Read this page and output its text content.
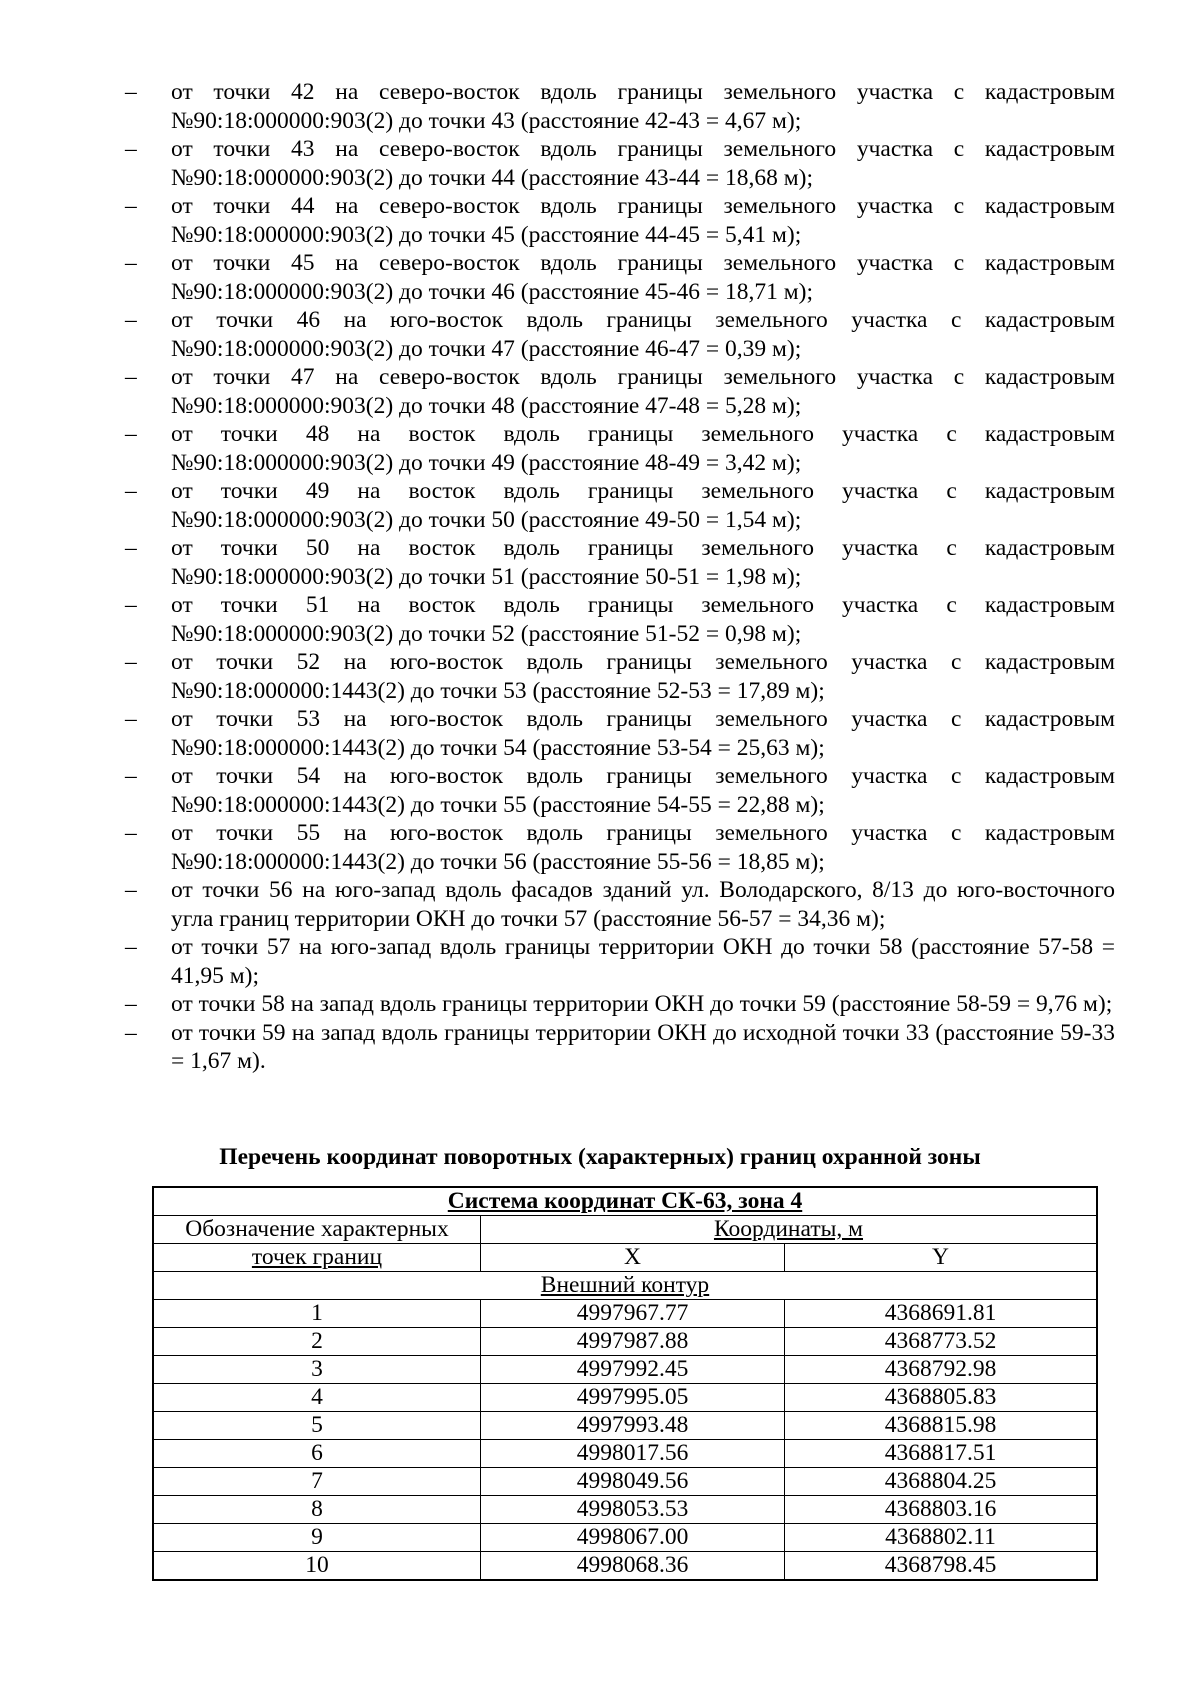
– от точки 42 на северо-восток вдоль границы земельного участка с кадастровым №90:18:000000:903(2) до точки 43 (расстояние 42-43 = 4,67 м);
– от точки 43 на северо-восток вдоль границы земельного участка с кадастровым №90:18:000000:903(2) до точки 44 (расстояние 43-44 = 18,68 м);
– от точки 44 на северо-восток вдоль границы земельного участка с кадастровым №90:18:000000:903(2) до точки 45 (расстояние 44-45 = 5,41 м);
– от точки 45 на северо-восток вдоль границы земельного участка с кадастровым №90:18:000000:903(2) до точки 46 (расстояние 45-46 = 18,71 м);
– от точки 46 на юго-восток вдоль границы земельного участка с кадастровым №90:18:000000:903(2) до точки 47 (расстояние 46-47 = 0,39 м);
– от точки 47 на северо-восток вдоль границы земельного участка с кадастровым №90:18:000000:903(2) до точки 48 (расстояние 47-48 = 5,28 м);
– от точки 48 на восток вдоль границы земельного участка с кадастровым №90:18:000000:903(2) до точки 49 (расстояние 48-49 = 3,42 м);
– от точки 49 на восток вдоль границы земельного участка с кадастровым №90:18:000000:903(2) до точки 50 (расстояние 49-50 = 1,54 м);
– от точки 50 на восток вдоль границы земельного участка с кадастровым №90:18:000000:903(2) до точки 51 (расстояние 50-51 = 1,98 м);
– от точки 51 на восток вдоль границы земельного участка с кадастровым №90:18:000000:903(2) до точки 52 (расстояние 51-52 = 0,98 м);
– от точки 52 на юго-восток вдоль границы земельного участка с кадастровым №90:18:000000:1443(2) до точки 53 (расстояние 52-53 = 17,89 м);
– от точки 53 на юго-восток вдоль границы земельного участка с кадастровым №90:18:000000:1443(2) до точки 54 (расстояние 53-54 = 25,63 м);
– от точки 54 на юго-восток вдоль границы земельного участка с кадастровым №90:18:000000:1443(2) до точки 55 (расстояние 54-55 = 22,88 м);
– от точки 55 на юго-восток вдоль границы земельного участка с кадастровым №90:18:000000:1443(2) до точки 56 (расстояние 55-56 = 18,85 м);
– от точки 56 на юго-запад вдоль фасадов зданий ул. Володарского, 8/13 до юго-восточного угла границ территории ОКН до точки 57 (расстояние 56-57 = 34,36 м);
– от точки 57 на юго-запад вдоль границы территории ОКН до точки 58 (расстояние 57-58 = 41,95 м);
– от точки 58 на запад вдоль границы территории ОКН до точки 59 (расстояние 58-59 = 9,76 м);
– от точки 59 на запад вдоль границы территории ОКН до исходной точки 33 (расстояние 59-33 = 1,67 м).

Перечень координат поворотных (характерных) границ охранной зоны

Система координат СК-63, зона 4		
Обозначение характерных	Координаты, м	
точек границ	X	Y
Внешний контур		
1	4997967.77	4368691.81
2	4997987.88	4368773.52
3	4997992.45	4368792.98
4	4997995.05	4368805.83
5	4997993.48	4368815.98
6	4998017.56	4368817.51
7	4998049.56	4368804.25
8	4998053.53	4368803.16
9	4998067.00	4368802.11
10	4998068.36	4368798.45
